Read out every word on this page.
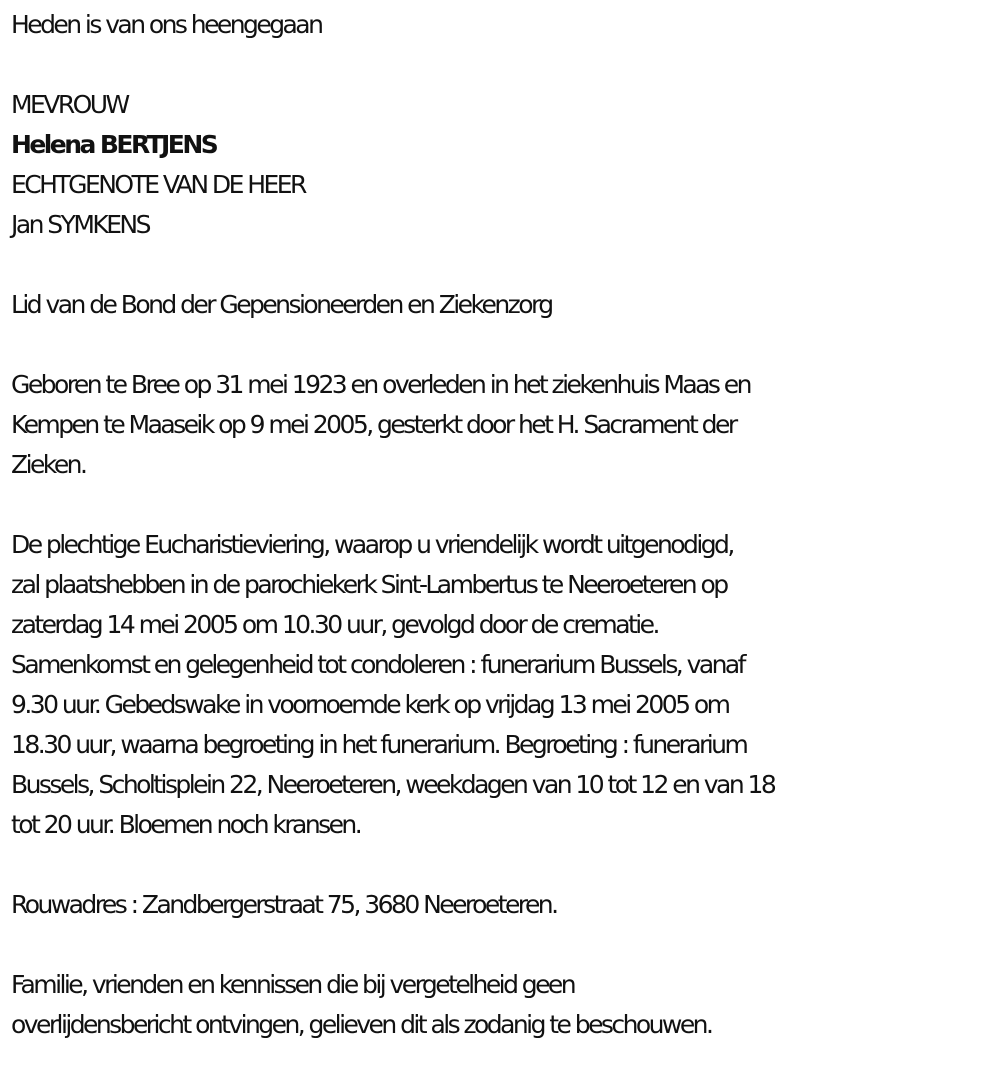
Heden is van ons heengegaan
MEVROUW
Helena BERTJENS
ECHTGENOTE VAN DE HEER
Jan SYMKENS
Lid van de Bond der Gepensioneerden en Ziekenzorg
Geboren te Bree op 31 mei 1923 en overleden in het ziekenhuis Maas en
Kempen te Maaseik op 9 mei 2005, gesterkt door het H. Sacrament der
Zieken.
De plechtige Eucharistieviering, waarop u vriendelijk wordt uitgenodigd,
zal plaatshebben in de parochiekerk Sint-Lambertus te Neeroeteren op
zaterdag 14 mei 2005 om 10.30 uur, gevolgd door de crematie.
Samenkomst en gelegenheid tot condoleren : funerarium Bussels, vanaf
9.30 uur. Gebedswake in voornoemde kerk op vrijdag 13 mei 2005 om
18.30 uur, waarna begroeting in het funerarium. Begroeting : funerarium
Bussels, Scholtisplein 22, Neeroeteren, weekdagen van 10 tot 12 en van 18
tot 20 uur. Bloemen noch kransen.
Rouwadres : Zandbergerstraat 75, 3680 Neeroeteren.
Familie, vrienden en kennissen die bij vergetelheid geen
overlijdensbericht ontvingen, gelieven dit als zodanig te beschouwen.
